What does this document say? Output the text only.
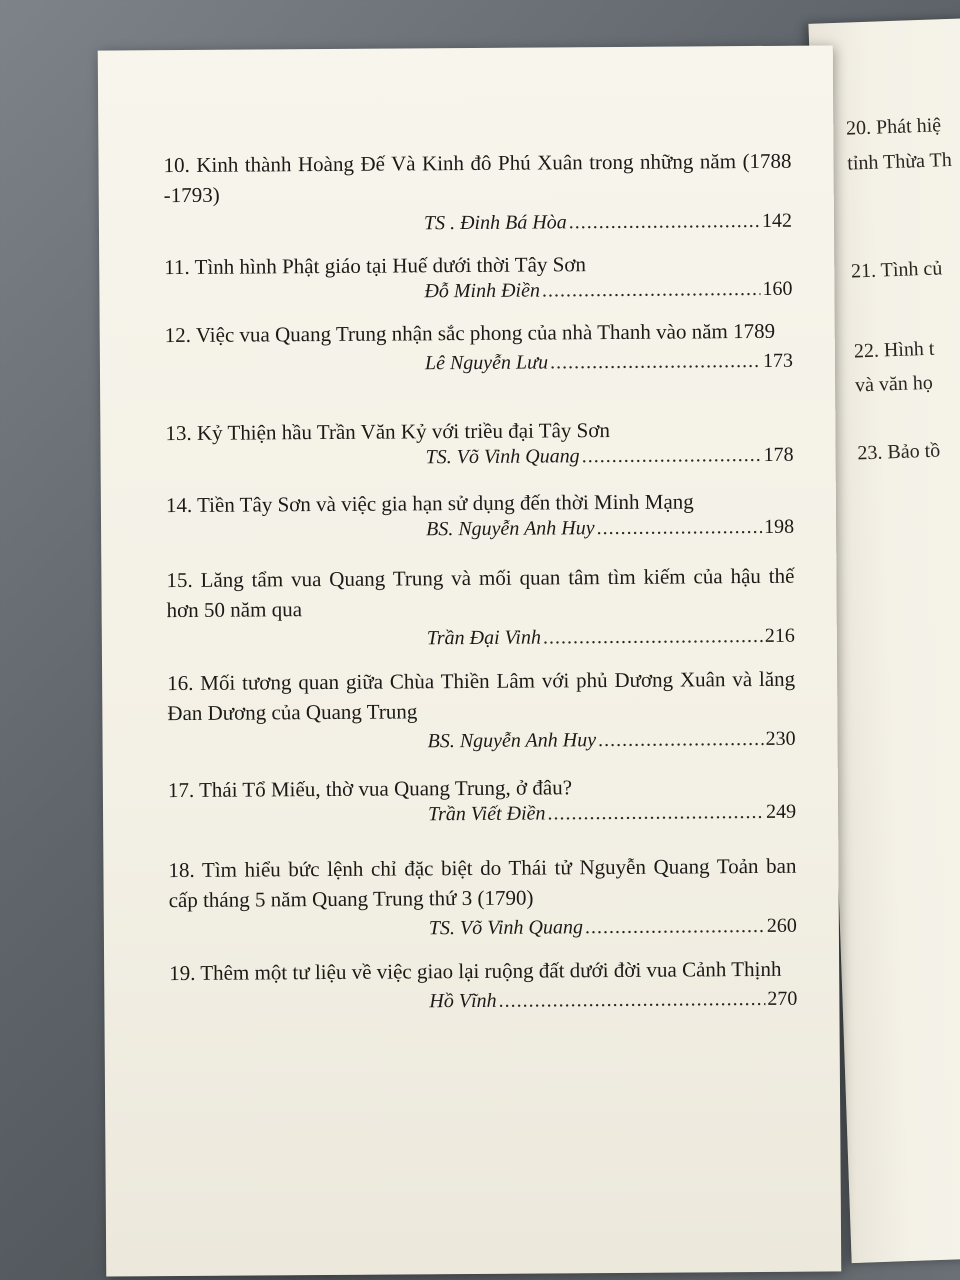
20. Phát hiệ
tỉnh Thừa Th
21. Tình củ
22. Hình t
và văn họ
23. Bảo tồ
10. Kinh thành Hoàng Đế Và Kinh đô Phú Xuân trong những năm (1788 -1793)
TS . Đinh Bá Hòa .....	142
11. Tình hình Phật giáo tại Huế dưới thời Tây Sơn
Đỗ Minh Điền .....	160
12. Việc vua Quang Trung nhận sắc phong của nhà Thanh vào năm 1789
Lê Nguyễn Lưu .....	173
13. Kỷ Thiện hầu Trần Văn Kỷ với triều đại Tây Sơn
TS. Võ Vinh Quang .....	178
14. Tiền Tây Sơn và việc gia hạn sử dụng đến thời Minh Mạng
BS. Nguyễn Anh Huy .....	198
15. Lăng tẩm vua Quang Trung và mối quan tâm tìm kiếm của hậu thế hơn 50 năm qua
Trần Đại Vinh .....	216
16. Mối tương quan giữa Chùa Thiền Lâm với phủ Dương Xuân và lăng Đan Dương của Quang Trung
BS. Nguyễn Anh Huy .....	230
17. Thái Tổ Miếu, thờ vua Quang Trung, ở đâu?
Trần Viết Điền .....	249
18. Tìm hiểu bức lệnh chỉ đặc biệt do Thái tử Nguyễn Quang Toản ban cấp tháng 5 năm Quang Trung thứ 3 (1790)
TS. Võ Vinh Quang .....	260
19. Thêm một tư liệu về việc giao lại ruộng đất dưới đời vua Cảnh Thịnh
Hồ Vĩnh .....	270
